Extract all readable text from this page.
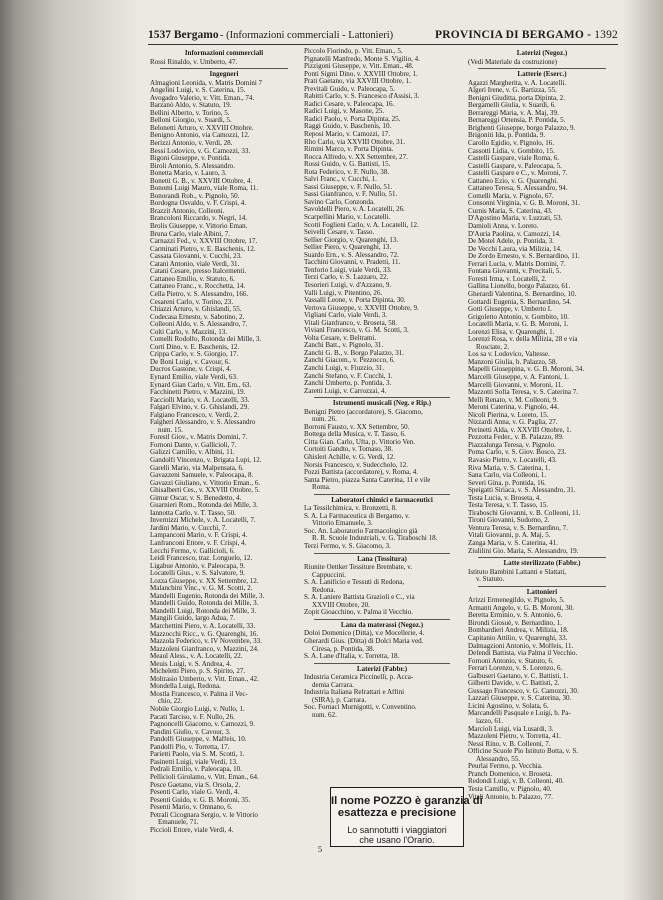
1537 Bergamo - (Informazioni commerciali - Lattonieri)	PROVINCIA DI BERGAMO - 1392
Informazioni commerciali
Rossi Rinaldo, v. Umberto, 47.
Ingegneri
Almagioni Leonida, v. Matris Domini 7
Angelini Luigi, v. S. Caterina, 15.
Avogadro Valerio, v. Vitt. Eman., 74.
Barzanò Aldo, v. Statuto, 19.
Bellini Alberto, v. Torino, 5.
Belloni Giorgio, v. Suardi, 5.
Belonetti Arturo, v. XXVIII Ottobre.
Benigno Antonio, via Camozzi, 12.
Berizzi Antonio, v. Verdi, 28.
Bessi Lodovico, v. G. Camozzi, 33.
Bigoni Giuseppe, v. Pontida.
Biroli Antonio, S. Alessandro.
Bonetta Mario, v. Lauro, 3.
Bonetti G. B., v. XXVIII Ottobre, 4.
Bonomi Luigi Mauro, viale Roma, 11.
Bonorandi Rob., v. Pignolo, 50.
Bordogna Osvaldo, v. F. Crispi, 4.
Brazzit Antonio, Colleoni.
Brancoloni Riccardo, v. Negri, 14.
Brolis Giuseppe, v. Vittorio Eman.
Bruna Carlo, viale Albini, 7.
Carnazzi Fed., v. XXVIII Ottobre, 17.
Carminati Pietro, v. E. Baschenis, 12.
Cassata Giovanni, v. Cucchi, 23.
Catani Antonio, viale Verdi, 31.
Catani Cesare, presso Italcementi.
Cattaneo Emilio, v. Statuto, 6.
Cattaneo Franc., v. Rocchetta, 14.
Cella Pietro, v. S. Alessandro, 166.
Cesareni Carlo, v. Torino, 23.
Chiazzi Arturo, v. Ghislandi, 55.
Codecasa Ernesto, v. Sabotino, 2.
Colleoni Aldo, v. S. Alessandro, 7.
Colti Carlo, v. Mazzini, 13.
Comelli Rodolfo, Rotonda dei Mille, 3.
Corti Dino, v. E. Baschenis, 12.
Crippa Carlo, v. S. Giorgio, 17.
De Boni Luigi, v. Cavour, 6.
Ducros Gastone, v. Crispi, 4.
Eynard Emilio, viale Verdi, 63.
Eynard Gian Carlo, v. Vitt. Em., 63.
Facchinetti Pietro, v. Mazzini, 19.
Facciolli Mario, v. A. Locatelli, 33.
Falgari Elvino, v. G. Ghislandi, 29.
Falgiano Francesco, v. Verdi, 2.
Falgheri Alessandro, v. S. Alessandro
num. 15.
Forestl Giov., v. Matris Domini, 7.
Fornoni Dante, v. Gallicioli, 7.
Galizzi Camillo, v. Albini, 11.
Gandolfi Vincenzo, v. Brigata Lupi, 12.
Garelli Mario, via Malpensata, 6.
Gavazzeni Samuele, v. Paleocapa, 8.
Gavazzi Giuliano, v. Vittorio Eman., 6.
Ghisalberti Ces., v. XXVIII Ottobre, 5.
Gimur Oscar, v. S. Benedetto, 4.
Guarnieri Rom., Rotonda dei Mille, 3.
Iannotta Carlo, v. T. Tasso, 50.
Invernizzi Michele, v. A. Locatelli, 7.
Jardini Mario, v. Cucchi, 7.
Lampanconi Mario, v. F. Crispi, 4.
Lanfranconi Ettore, v. F. Crispi, 4.
Lecchi Fermo, v. Gallicioli, 6.
Leidi Francesco, traz. Longuelo, 12.
Ligabue Antonio, v. Paleocapa, 9.
Locatelli Gius., v. S. Salvatore, 9.
Lozza Giuseppe, v. XX Settembre, 12.
Malanchini Vinc., v. G. M. Scotti, 2.
Mandelli Eugenio, Rotonda dei Mille, 3.
Mandelli Guido, Rotonda dei Mille, 3.
Mandelli Luigi, Rotonda dei Mille, 3.
Mangili Guido, largo Adua, 7.
Marchettini Piero, v. A. Locatelli, 33.
Mazzocchi Ricc., v. G. Quarenghi, 16.
Mazzola Federico, v. IV Novembre, 33.
Mazzoleni Gianfranco, v. Mazzini, 24.
Meaul Aless., v. A. Locatelli, 22.
Meuis Luigi, v. S. Andrea, 4.
Micheletti Piero, p. S. Spirito, 27.
Moltrasio Umberto, v. Vitt. Eman., 42.
Mondella Luigi, Redona.
Mostla Francesco, v. Palma il Vec-
chio, 22.
Nobile Giorgio Luigi, v. Nullo, 1.
Pacati Tarciso, v. F. Nullo, 26.
Pagnoncelli Giacomo, v. Camozzi, 9.
Pandini Giulio, v. Cavour, 3.
Pandolfi Giuseppe, v. Maffeis, 10.
Pandolfi Pio, v. Torretta, 17.
Parietti Paolo, via S. M. Scotti, 1.
Pasinetti Luigi, viale Verdi, 13.
Pedrali Emilio, v. Paleocapa, 10.
Pellicioli Girolamo, v. Vitt. Eman., 64.
Pesce Gaetano, via S. Orsola, 2.
Pesenti Carlo, viale G. Verdi, 4.
Pesenti Guido, v. G. B. Moroni, 35.
Pesenti Mario, v. Omnano, 6.
Petrali Cicognara Sergio, v. le Vittorio
Emanuele, 71.
Piccioli Ettore, viale Verdi, 4.
Piccolo Fiorindo, p. Vitt. Eman., 5.
Pignatelli Manfredo, Monte S. Vigilio, 4.
Pizzigoni Giuseppe, v. Vitt. Eman., 48.
Ponti Sigmi Dino, v. XXVIII Ottobre, 1.
Prati Gaetano, via XXVIII Ottobre, 1.
Previtali Guido, v. Paleocapa, 5.
Rabitti Carlo, v. S. Francesco d'Assisi, 3.
Radici Cesare, v. Paleocapa, 16.
Radici Luigi, v. Masone, 25.
Radici Paolo, v. Porta Dipinta, 25.
Raggi Guido, v. Baschenis, 10.
Reposi Mario, v. Camozzi, 17.
Rho Carlo, via XXVIII Ottobre, 31.
Rimini Marco, v. Porta Dipinta.
Rocca Alfredo, v. XX Settembre, 27.
Rossi Guido, v. G. Battisti, 15.
Rota Federico, v. F. Nullo, 38.
Salvi Franc., v. Cucchi, 1.
Sassi Giuseppe, v. F. Nullo, 51.
Sassi Gianfranco, v. F. Nullo, 51.
Savino Carlo, Conzonda.
Savoldelli Piero, v. A. Locatelli, 26.
Scarpellini Mario, v. Locatelli.
Scotti Foglieni Carlo, v. A. Locatelli, 12.
Seivelli Cesare, v. Tasso.
Sellier Giorgio, v. Quarenghi, 13.
Sellier Piero, v. Quarenghi, 13.
Suardo Ern., v. S. Alessandro, 72.
Tacchini Giovanni, v. Pradetti, 11.
Tenforio Luigi, viale Verdi, 33.
Terzi Carlo, v. S. Lazzaro, 22.
Tesorieri Luigi, v. d'Azzano, 9.
Valli Luigi, v. Pitentino, 26.
Vassalli Leone, v. Porta Dipinta, 30.
Vertova Giuseppe, v. XXVIII Ottobre, 9.
Vigliani Carlo, viale Verdi, 3.
Vitali Gianfranco, v. Broseta, 58.
Vivianl Francesco, v. G. M. Scotti, 3.
Volta Cesare, v. Beltrami.
Zanchi Batt., v. Pignolo, 31.
Zanchi G. B., v. Borgo Palazzo, 31.
Zanchi Giacom., v. Pezzocco, 6.
Zanchi Luigi, v. Fiuzzio, 31.
Zanchi Stefano, v. F. Cucchi, 1.
Zanchi Umberto, p. Pontida, 3.
Zaretti Luigi, v. Carrozzai, 4.
Istrumenti musicali (Neg. e Rip.)
Benigni Pietro (accordatore), S. Giacomo,
num. 26.
Borroni Fausto, v. XX Settembre, 50.
Bottega della Musica, v. T. Tasso, 6.
Citta Gian. Carlo, Ufta, p. Vittorio Ven.
Cortoiti Gandto, v. Tomaso, 38.
Ghisleri Achille, v. G. Verdi, 12.
Norsis Francesco, v. Sudeccholo, 12.
Pozzi Battista (accordatore), v. Roma, 4.
Santa Pietro, piazza Santa Caterina, 11 e vile
Roma.
Laboratori chimici e farmaceutici
La Tessilchimica, v. Bronzetti, 8.
S. A. La Farmaceutica di Bergamo, v.
Vittorio Emanuele, 3.
Soc. An. Laboratorio Farmacologico già
R. R. Scuole Industriali, v. G. Tiraboschi 18.
Terzi Fermo, v. S. Giacomo, 3.
Lana (Tessitura)
Riunite Oettker Tessiture Brembate, v.
Cappuccini.
S. A. Lanificio e Tessuti di Redona,
Redona.
S. A. Laniere Battista Grazioli e C., via
XXVIII Ottobre, 20.
Zopit Gioacchino, v. Palma il Vecchio.
Lana da materassi (Negoz.)
Doloi Domenico (Ditta), v.e Mocellerie, 4.
Gherardi Gius. (Ditta) di Dolci Maria ved.
Ciresa, p. Pontida, 38.
S. A. Lane d'Italia, v. Torretta, 18.
Laterizi (Fabbr.)
Industria Ceramica Piccinelli, p. Acca-
demia Carrara.
Industria Italiana Refrattari e Affini
(SIRA), p. Carrara.
Soc. Fornaci Murnigotti, v. Conventino.
num. 62.
Laterizi (Negoz.)
(Vedi Materiale da costruzione)
Latterie (Eserc.)
Agazzi Margherita, v. A. Locatelli.
Algeri Irene, v. G. Bartizza, 55.
Benigni Giuditta, porta Dipinta, 2.
Bergamelli Giulia, v. Suardi, 6.
Berrareggi Maria, v. A. Maj, 39.
Bernareggi Ortensia, P. Pontida, 5.
Brighenti Giuseppe, borgo Palazzo, 9.
Brigoniti Ida, p. Pontida, 9.
Carollo Egidio, v. Pignolo, 16.
Cassotti Lidia, v. Gombito, 15.
Castelli Gaspare, viale Roma, 6.
Castelli Gaspare, v. Paleocapa, 5.
Castelli Gaspare e C., v. Moroni, 7.
Cattaneo Ezio, v. G. Quarenghi.
Cattaneo Teresa, S. Alessandro, 94.
Comelli Maria, v. Pignolo, 67.
Consonni Virginia, v. G. B. Moroni, 31.
Curnis Maria, S. Caterina, 43.
D'Agostino Maria, v. Luzzati, 53.
Damioli Anna, v. Loreto.
D'Auria Paolina, v. Camozzi, 14.
De Motel Adele, p. Pontida, 3.
De Vecchi Laura, via Milizia, 14.
De Zordo Ernesto, v. S. Bernardino, 11.
Ferrari Lucia, v. Matris Domini, 7.
Fontana Giovanni, v. Precitali, 5.
Foresti Irma, v. Locatelli, 2.
Gallina Lionello, borgo Palazzo, 61.
Gherardi Valentina, S. Bernardino, 10.
Gottardi Eugenia, S. Bernardino, 54.
Gotti Giuseppe, v. Umberto I.
Grigoletto Antonio, v. Gombito, 10.
Locatelli Maria, v. G. B. Moroni, 1.
Lorenzi Elisa, v. Quarenghi, 1.
Lorenzi Rosa, v. della Milizia, 28 e via
Rosciate, 2.
Los sa v. Lodovico, Valtesse.
Manzoni Giulia, b. Palazzo, 58.
Mapelli Giuseppina, v. G. B. Moroni, 34.
Marcelli Giuseppe, v. A. Fantoni, 1.
Marcelli Giovanni, v. Moroni, 11.
Mazzotti Sofia Teresa, v. S. Caterina 7.
Melli Renato, v. M. Colleoni, 9.
Meroni Caterina, v. Pignolo, 44.
Nicoli Pierina, v. Loreto, 15.
Nizzardi Anna, v. G. Paglia, 27.
Perinetti Alda, v. XXVIII Ottobre, 1.
Pezzotta Feder., v. B. Palazzo, 89.
Piazzalunga Teresa, v. Pignolo.
Poma Carlo, v. S. Giov. Bosco, 23.
Ravasio Pietro, v. Locatelli, 43.
Riva Maria, v. S. Caterina, 1.
Sana Carlo, via Colleoni, 1.
Severi Gina, p. Pontida, 16.
Speigatti Siriaca, v. S. Alessandro, 31.
Testa Lucia, v. Broseta, 4.
Testa Teresa, v. T. Tasso, 15.
Tiraboschi Giovanni, v. B. Colleoni, 11.
Tironi Giovanni, Sudorno, 2.
Ventura Teresa, v. S. Bernardino, 7.
Vitali Giovanni, p. A. Maj, 5.
Zanga Maria, v. S. Caterina, 41.
Ziulilini Gio. Maria, S. Alessandro, 19.
Latte sterilizzato (Fabbr.)
Istituto Bambini Lattanti e Slattati,
v. Statuto.
Lattonieri
Arizzi Ermenegildo, v. Pignolo, 5.
Armanti Angelo, v. G. B. Moroni, 30.
Beretta Erminio, v. S. Antonio, 6.
Birondi Giosuè, v. Bernardino, 1.
Bombardieri Andrea, v. Milizia, 18.
Capitanio Attilio, v. Quarenghi, 33.
Dalmagzioni Antonio, v. Moffeis, 11.
Defendi Battista, via Palma il Vecchio.
Fornoni Antonio, v. Statuto, 6.
Ferrari Lorenzo, v. S. Lorenzo, 6.
Galbuseri Gaetano, v. C. Battisti, 1.
Gilberti Davide, v. C. Battisti, 2.
Gussago Francesco, v. G. Camozzi, 30.
Lazzari Giuseppe, v. S. Caterina, 30.
Licini Agostino, v. Solata, 6.
Marcandelli Pasquale e Luigi, b. Pa-
lazzo, 61.
Marcioli Luigi, via Lusardi, 3.
Mazzoleni Pietro, v. Torretta, 41.
Nessi Rino, v. B. Colleoni, 7.
Officine Scuole Pio Istituto Botta, v. S.
Alessandro, 55.
Peurlai Fermo, p. Vecchia.
Pranch Domenico, v. Broseta.
Redondi Luigi, v. B. Colleoni, 40.
Testa Camillo, v. Pignolo, 40.
Vitali Antonio, b. Palazzo, 77.
Il nome POZZO è garanzia di
esattezza e precisione
Lo sannotutti i viaggiatori
che usano l'Orario.
5
